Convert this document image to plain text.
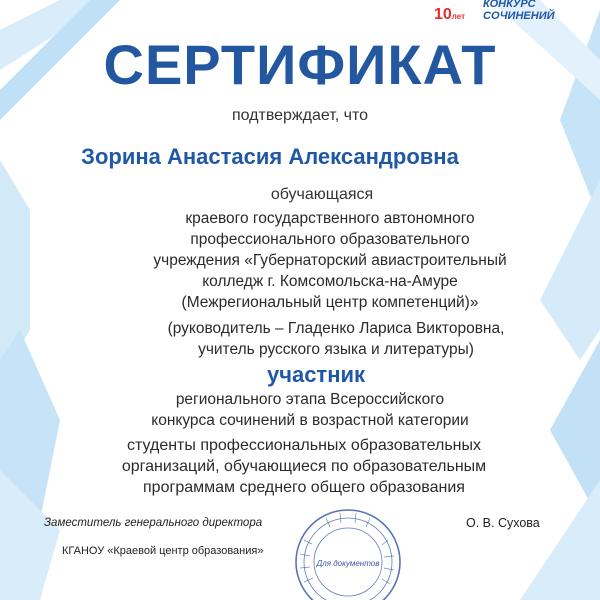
10лет
КОНКУРС
СОЧИНЕНИЙ
СЕРТИФИКАТ
подтверждает, что
Зорина Анастасия Александровна
обучающаяся
краевого государственного автономного
профессионального образовательного
учреждения «Губернаторский авиастроительный
колледж г. Комсомольска-на-Амуре
(Межрегиональный центр компетенций)»
(руководитель – Гладенко Лариса Викторовна,
учитель русского языка и литературы)
участник
регионального этапа Всероссийского
конкурса сочинений в возрастной категории
студенты профессиональных образовательных
организаций, обучающиеся по образовательным
программам среднего общего образования
Заместитель генерального директора
КГАНОУ «Краевой центр образования»
О. В. Сухова
Для документов
